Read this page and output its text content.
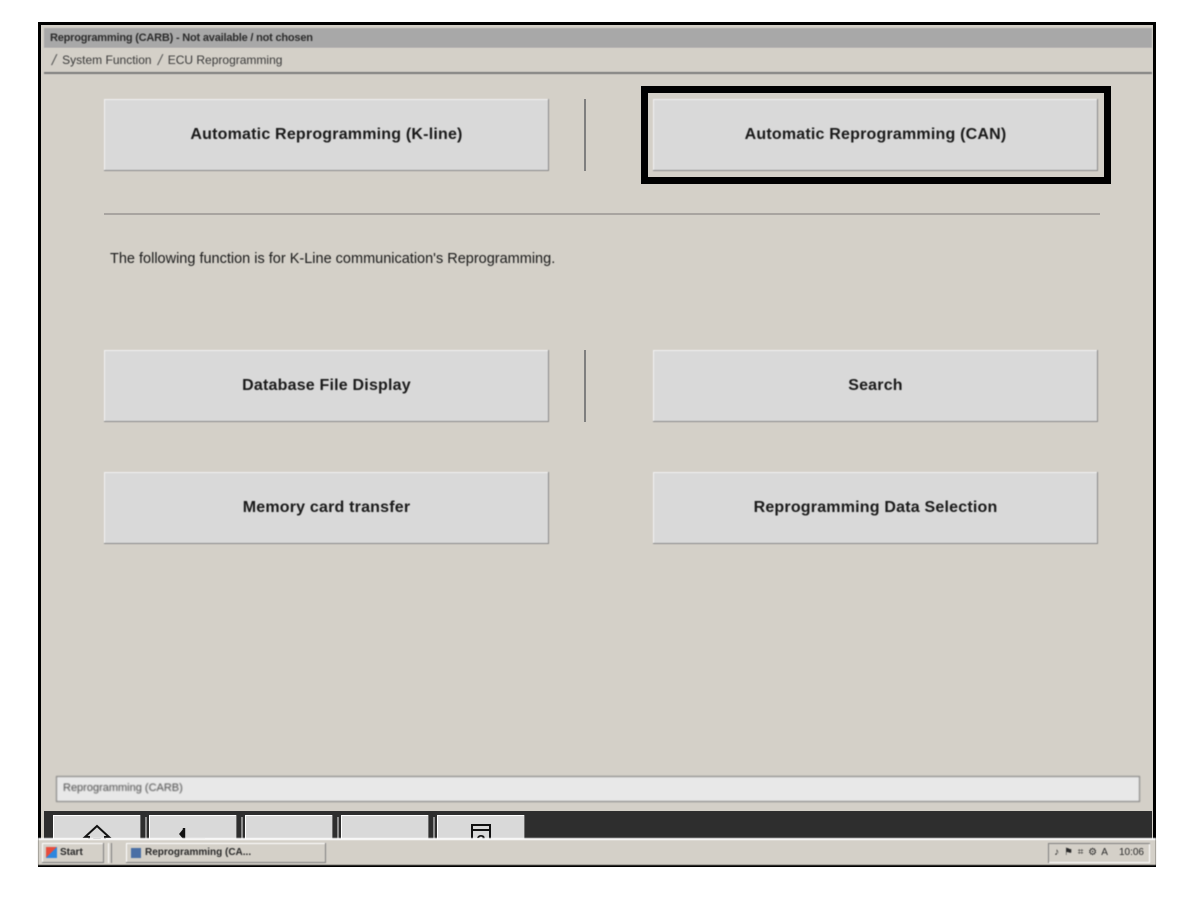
Reprogramming (CARB) - Not available / not chosen
/ System Function / ECU Reprogramming
Automatic Reprogramming (K-line)	Automatic Reprogramming (CAN)
The following function is for K-Line communication's Reprogramming.
Database File Display	Search
Memory card transfer	Reprogramming Data Selection
Reprogramming (CARB)
Start	Reprogramming (CA...	♪ ⚑ ⌗ ⚙ A 10:06
